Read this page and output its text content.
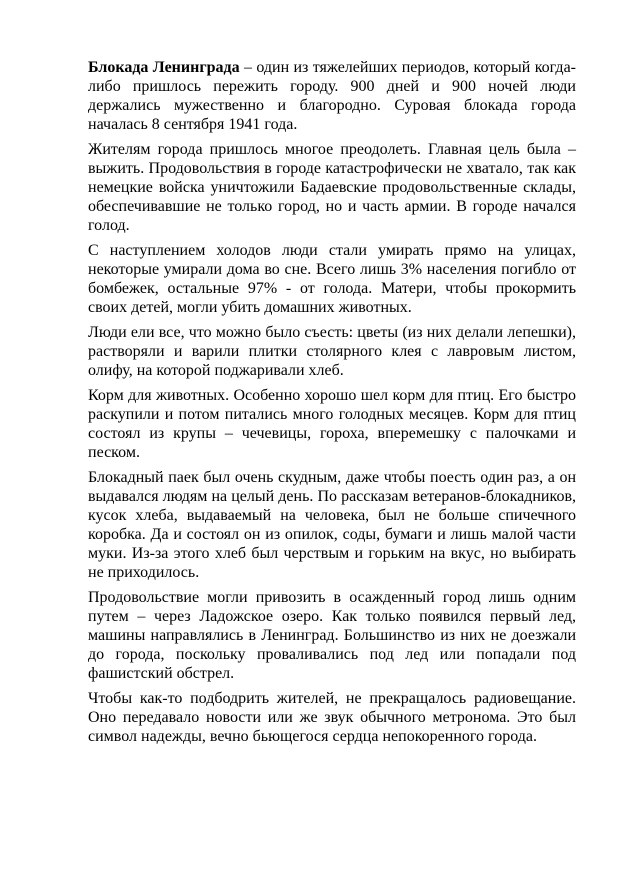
Блокада Ленинграда – один из тяжелейших периодов, который когда-либо пришлось пережить городу. 900 дней и 900 ночей люди держались мужественно и благородно. Суровая блокада города началась 8 сентября 1941 года.

Жителям города пришлось многое преодолеть. Главная цель была – выжить. Продовольствия в городе катастрофически не хватало, так как немецкие войска уничтожили Бадаевские продовольственные склады, обеспечивавшие не только город, но и часть армии. В городе начался голод.

С наступлением холодов люди стали умирать прямо на улицах, некоторые умирали дома во сне. Всего лишь 3% населения погибло от бомбежек, остальные 97% - от голода. Матери, чтобы прокормить своих детей, могли убить домашних животных.

Люди ели все, что можно было съесть: цветы (из них делали лепешки), растворяли и варили плитки столярного клея с лавровым листом, олифу, на которой поджаривали хлеб.

Корм для животных. Особенно хорошо шел корм для птиц. Его быстро раскупили и потом питались много голодных месяцев. Корм для птиц состоял из крупы – чечевицы, гороха, вперемешку с палочками и песком.

Блокадный паек был очень скудным, даже чтобы поесть один раз, а он выдавался людям на целый день. По рассказам ветеранов-блокадников, кусок хлеба, выдаваемый на человека, был не больше спичечного коробка. Да и состоял он из опилок, соды, бумаги и лишь малой части муки. Из-за этого хлеб был черствым и горьким на вкус, но выбирать не приходилось.

Продовольствие могли привозить в осажденный город лишь одним путем – через Ладожское озеро. Как только появился первый лед, машины направлялись в Ленинград. Большинство из них не доезжали до города, поскольку проваливались под лед или попадали под фашистский обстрел.

Чтобы как-то подбодрить жителей, не прекращалось радиовещание. Оно передавало новости или же звук обычного метронома. Это был символ надежды, вечно бьющегося сердца непокоренного города.
